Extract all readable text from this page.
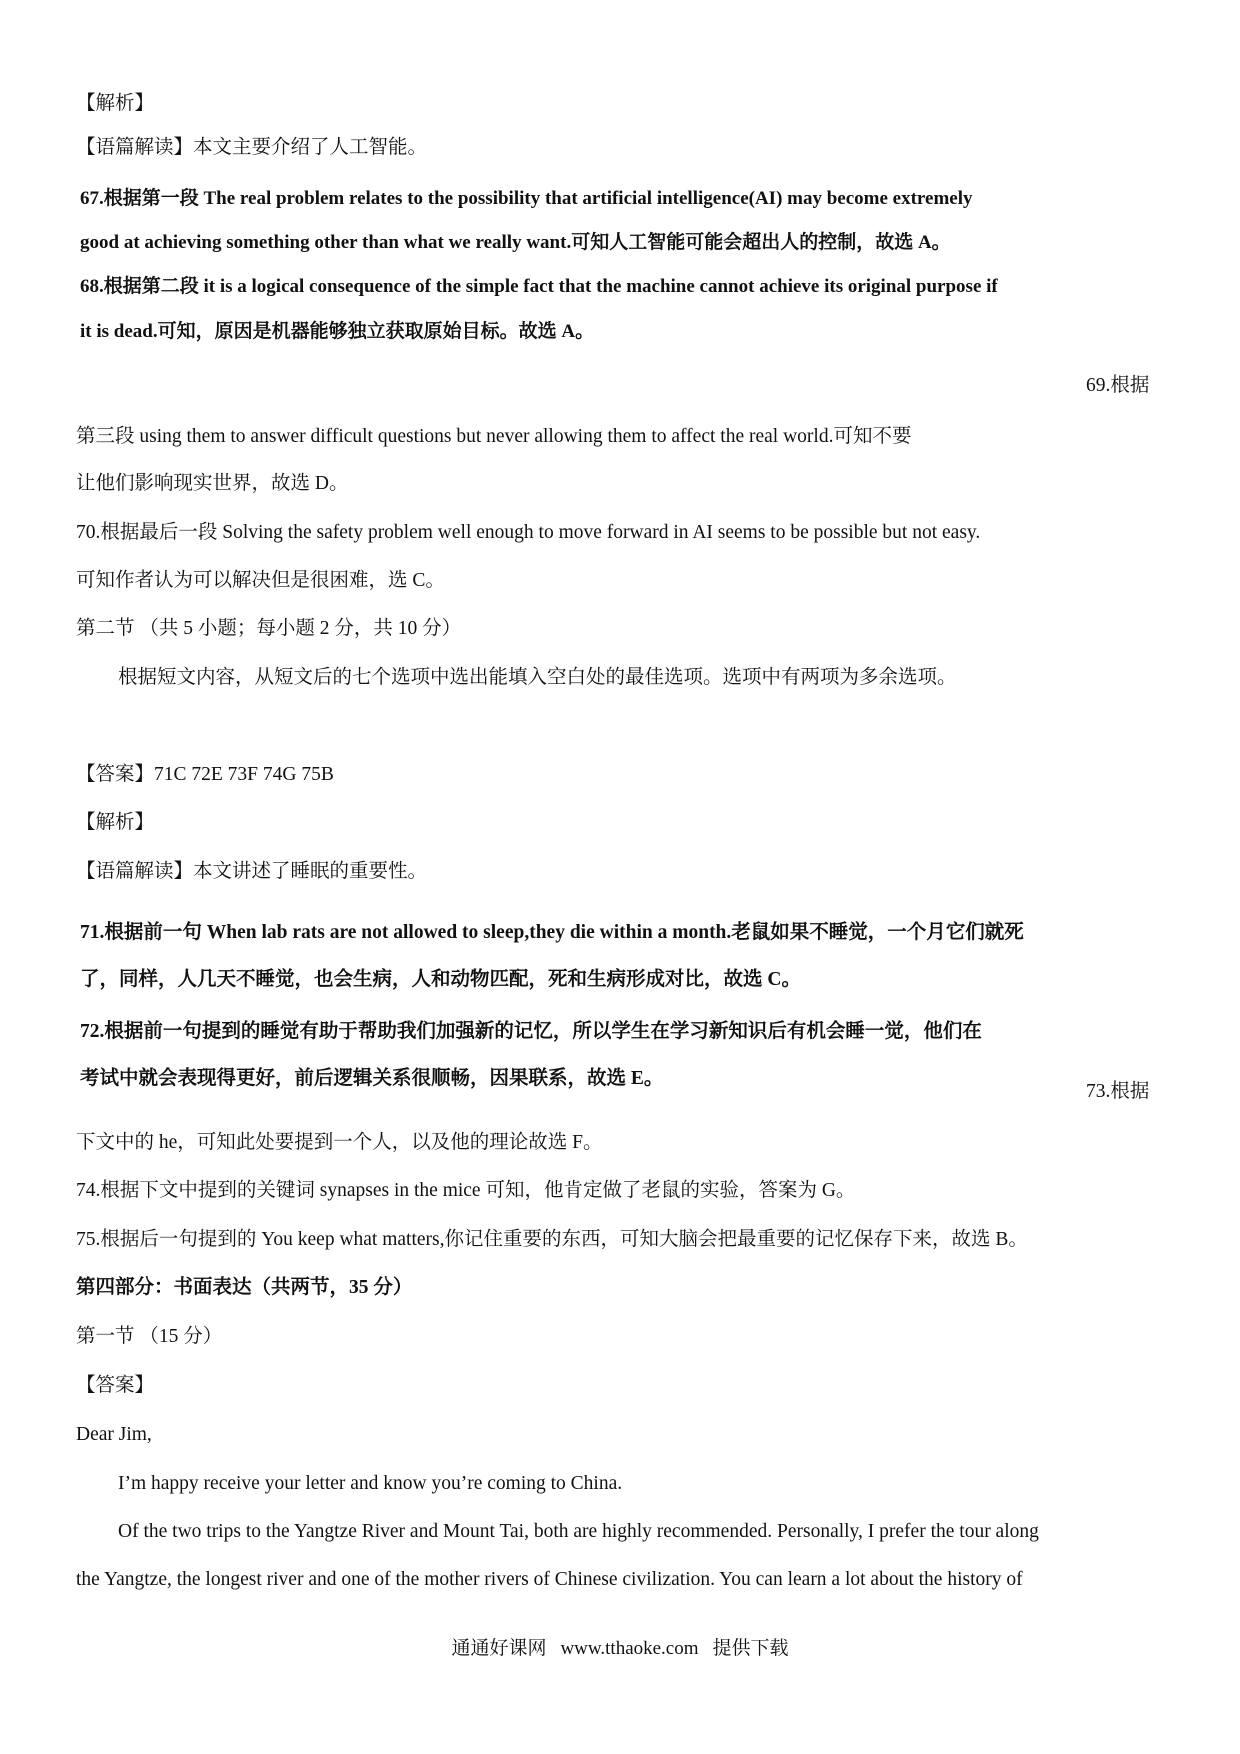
【解析】
【语篇解读】本文主要介绍了人工智能。
67.根据第一段 The real problem relates to the possibility that artificial intelligence(AI) may become extremely
good at achieving something other than what we really want.可知人工智能可能会超出人的控制，故选 A。
68.根据第二段 it is a logical consequence of the simple fact that the machine cannot achieve its original purpose if
it is dead.可知，原因是机器能够独立获取原始目标。故选 A。
69.根据
第三段 using them to answer difficult questions but never allowing them to affect the real world.可知不要
让他们影响现实世界，故选 D。
70.根据最后一段 Solving the safety problem well enough to move forward in AI seems to be possible but not easy.
可知作者认为可以解决但是很困难，选 C。
第二节 （共 5 小题；每小题 2 分，共 10 分）
根据短文内容，从短文后的七个选项中选出能填入空白处的最佳选项。选项中有两项为多余选项。
【答案】71C 72E 73F 74G 75B
【解析】
【语篇解读】本文讲述了睡眠的重要性。
71.根据前一句 When lab rats are not allowed to sleep,they die within a month.老鼠如果不睡觉，一个月它们就死
了，同样，人几天不睡觉，也会生病，人和动物匹配，死和生病形成对比，故选 C。
72.根据前一句提到的睡觉有助于帮助我们加强新的记忆，所以学生在学习新知识后有机会睡一觉，他们在
考试中就会表现得更好，前后逻辑关系很顺畅，因果联系，故选 E。
73.根据
下文中的 he，可知此处要提到一个人，以及他的理论故选 F。
74.根据下文中提到的关键词 synapses in the mice 可知，他肯定做了老鼠的实验，答案为 G。
75.根据后一句提到的 You keep what matters,你记住重要的东西，可知大脑会把最重要的记忆保存下来，故选 B。
第四部分：书面表达（共两节，35 分）
第一节 （15 分）
【答案】
Dear Jim,
I’m happy receive your letter and know you’re coming to China.
Of the two trips to the Yangtze River and Mount Tai, both are highly recommended. Personally, I prefer the tour along
the Yangtze, the longest river and one of the mother rivers of Chinese civilization. You can learn a lot about the history of
通通好课网 www.tthaoke.com 提供下载
